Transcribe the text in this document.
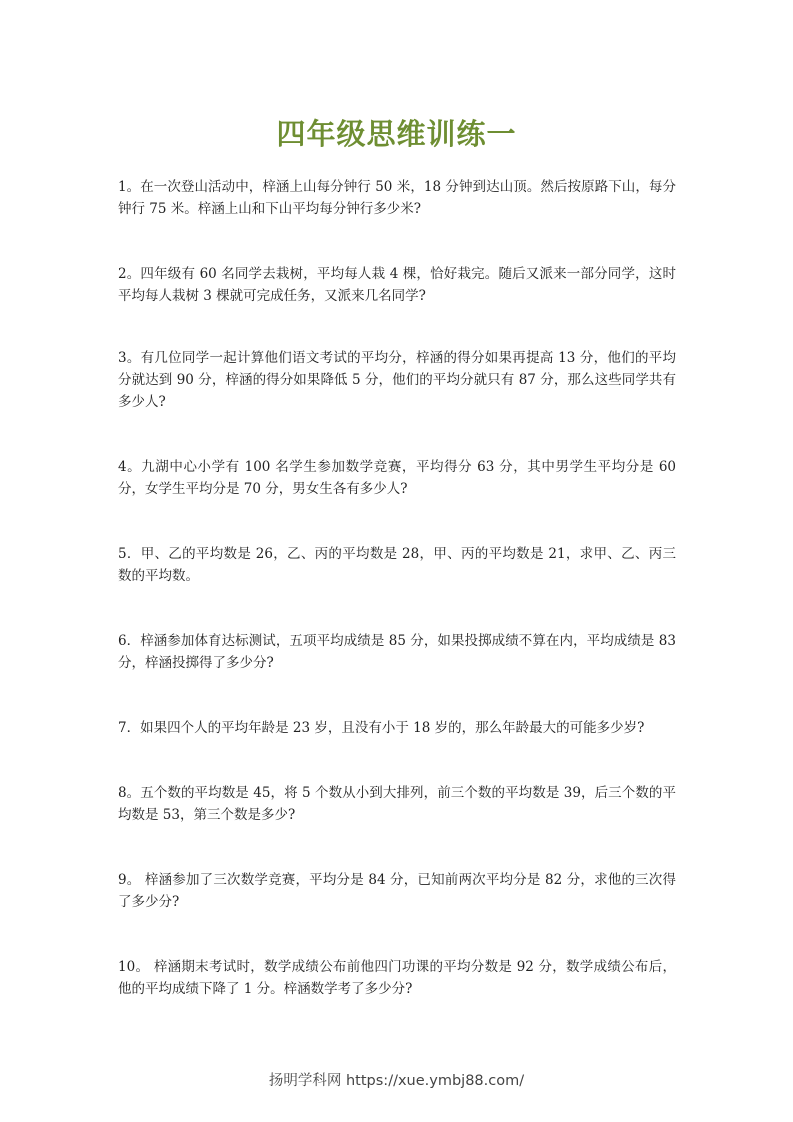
四年级思维训练一

1。在一次登山活动中，梓涵上山每分钟行 50 米，18 分钟到达山顶。然后按原路下山，每分钟行 75 米。梓涵上山和下山平均每分钟行多少米?

2。四年级有 60 名同学去栽树，平均每人栽 4 棵，恰好栽完。随后又派来一部分同学，这时平均每人栽树 3 棵就可完成任务，又派来几名同学?

3。有几位同学一起计算他们语文考试的平均分，梓涵的得分如果再提高 13 分，他们的平均分就达到 90 分，梓涵的得分如果降低 5 分，他们的平均分就只有 87 分，那么这些同学共有多少人?

4。九湖中心小学有 100 名学生参加数学竞赛，平均得分 63 分，其中男学生平均分是 60 分，女学生平均分是 70 分，男女生各有多少人?

5．甲、乙的平均数是 26，乙、丙的平均数是 28，甲、丙的平均数是 21，求甲、乙、丙三数的平均数。

6．梓涵参加体育达标测试，五项平均成绩是 85 分，如果投掷成绩不算在内，平均成绩是 83 分，梓涵投掷得了多少分?

7．如果四个人的平均年龄是 23 岁，且没有小于 18 岁的，那么年龄最大的可能多少岁?

8。五个数的平均数是 45，将 5 个数从小到大排列，前三个数的平均数是 39，后三个数的平均数是 53，第三个数是多少?

9。 梓涵参加了三次数学竞赛，平均分是 84 分，已知前两次平均分是 82 分，求他的三次得了多少分?

10。 梓涵期末考试时，数学成绩公布前他四门功课的平均分数是 92 分，数学成绩公布后，他的平均成绩下降了 1 分。梓涵数学考了多少分?

扬明学科网 https://xue.ymbj88.com/
